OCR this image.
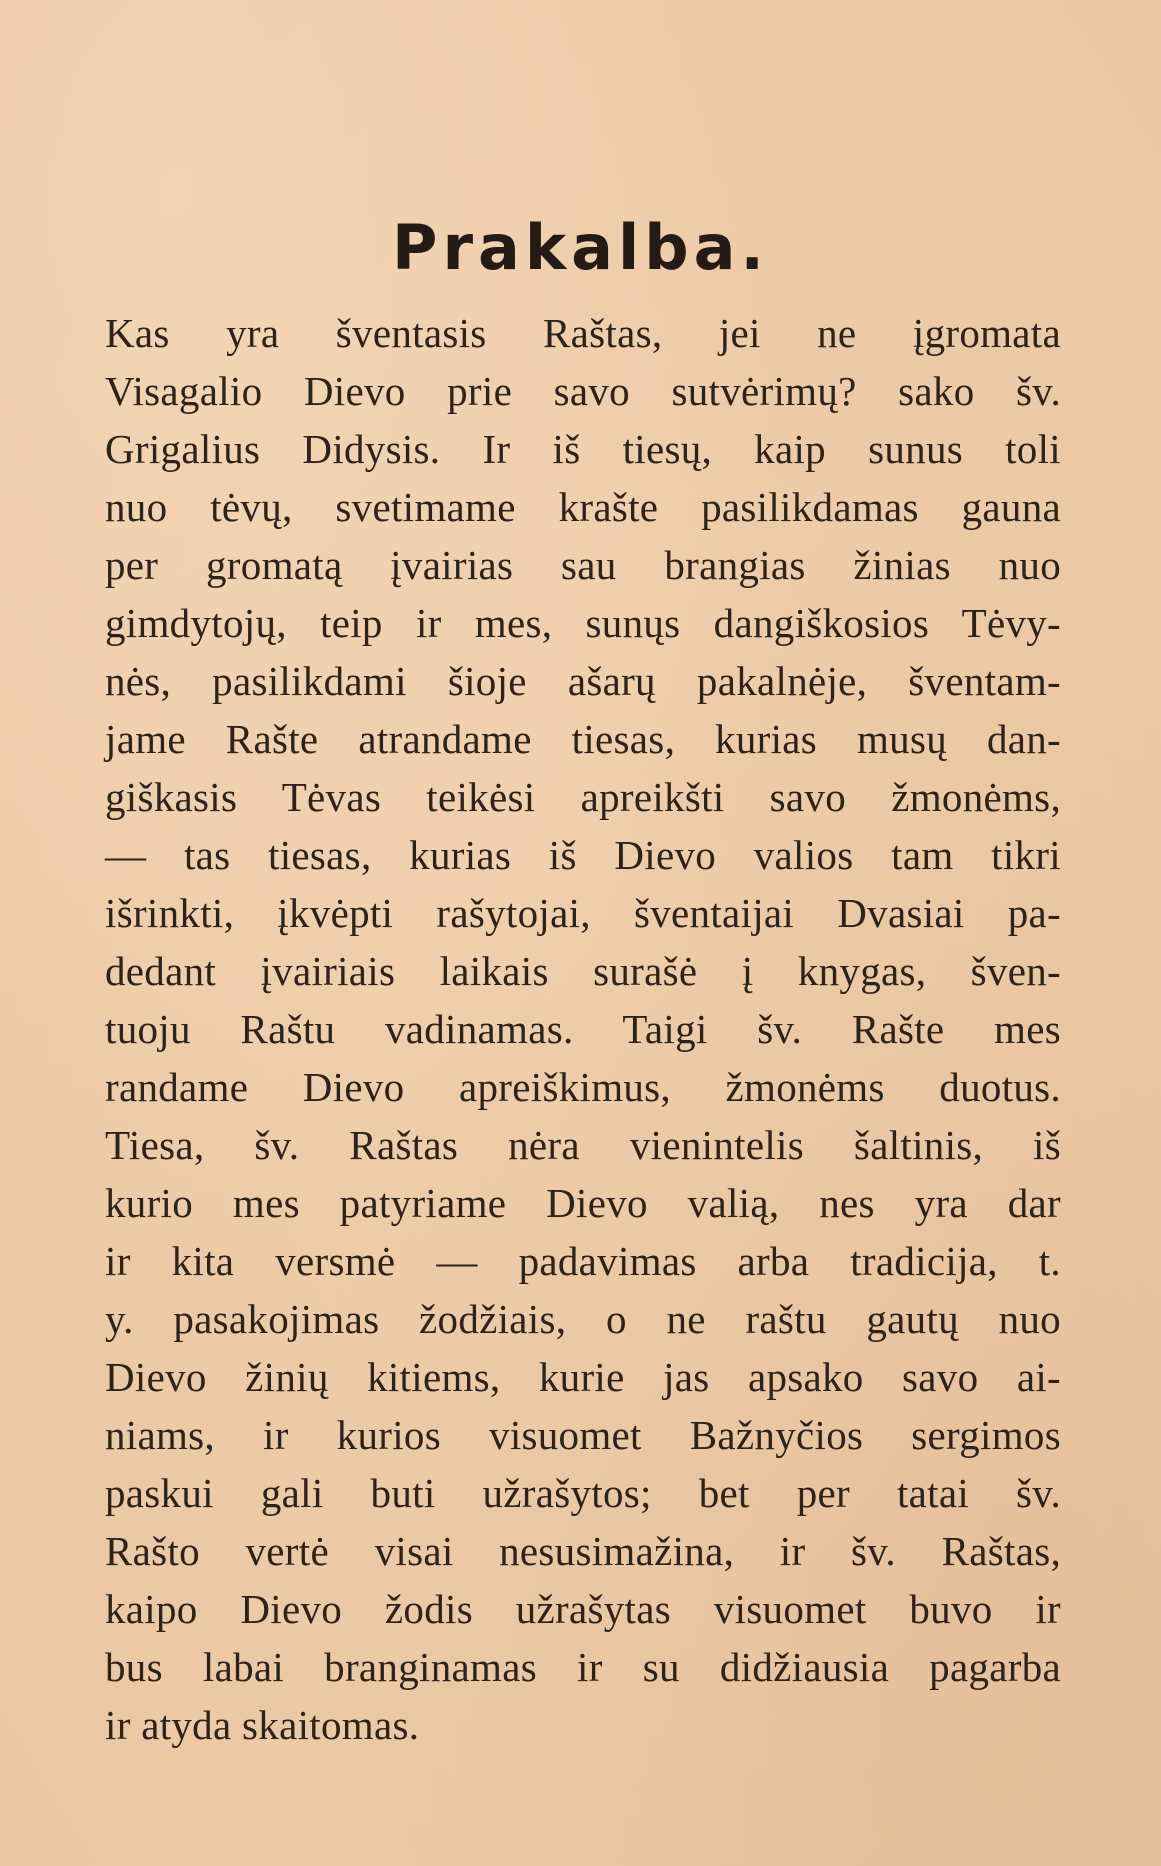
Prakalba.
Kas yra šventasis Raštas, jei ne įgromata
Visagalio Dievo prie savo sutvėrimų? sako šv.
Grigalius Didysis. Ir iš tiesų, kaip sunus toli
nuo tėvų, svetimame krašte pasilikdamas gauna
per gromatą įvairias sau brangias žinias nuo
gimdytojų, teip ir mes, sunųs dangiškosios Tėvy-
nės, pasilikdami šioje ašarų pakalnėje, šventam-
jame Rašte atrandame tiesas, kurias musų dan-
giškasis Tėvas teikėsi apreikšti savo žmonėms,
— tas tiesas, kurias iš Dievo valios tam tikri
išrinkti, įkvėpti rašytojai, šventaijai Dvasiai pa-
dedant įvairiais laikais surašė į knygas, šven-
tuoju Raštu vadinamas. Taigi šv. Rašte mes
randame Dievo apreiškimus, žmonėms duotus.
Tiesa, šv. Raštas nėra vienintelis šaltinis, iš
kurio mes patyriame Dievo valią, nes yra dar
ir kita versmė — padavimas arba tradicija, t.
y. pasakojimas žodžiais, o ne raštu gautų nuo
Dievo žinių kitiems, kurie jas apsako savo ai-
niams, ir kurios visuomet Bažnyčios sergimos
paskui gali buti užrašytos; bet per tatai šv.
Rašto vertė visai nesusimažina, ir šv. Raštas,
kaipo Dievo žodis užrašytas visuomet buvo ir
bus labai branginamas ir su didžiausia pagarba
ir atyda skaitomas.
